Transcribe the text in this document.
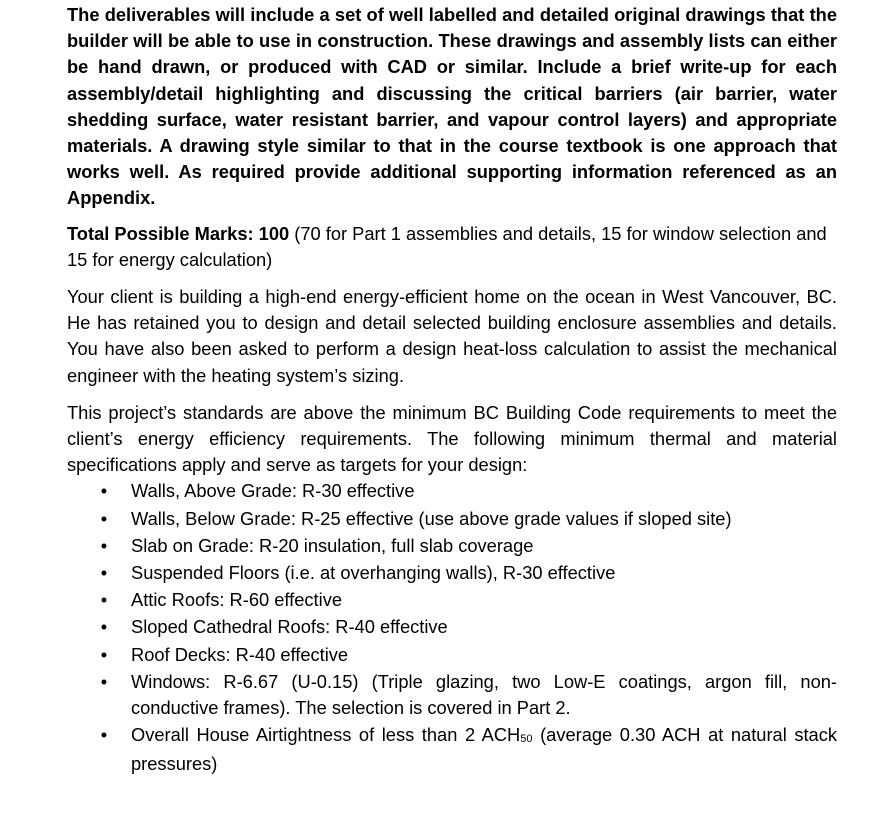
The deliverables will include a set of well labelled and detailed original drawings that the builder will be able to use in construction. These drawings and assembly lists can either be hand drawn, or produced with CAD or similar. Include a brief write-up for each assembly/detail highlighting and discussing the critical barriers (air barrier, water shedding surface, water resistant barrier, and vapour control layers) and appropriate materials. A drawing style similar to that in the course textbook is one approach that works well. As required provide additional supporting information referenced as an Appendix.

Total Possible Marks: 100 (70 for Part 1 assemblies and details, 15 for window selection and 15 for energy calculation)

Your client is building a high-end energy-efficient home on the ocean in West Vancouver, BC. He has retained you to design and detail selected building enclosure assemblies and details. You have also been asked to perform a design heat-loss calculation to assist the mechanical engineer with the heating system’s sizing.

This project’s standards are above the minimum BC Building Code requirements to meet the client’s energy efficiency requirements. The following minimum thermal and material specifications apply and serve as targets for your design:

• Walls, Above Grade: R-30 effective
• Walls, Below Grade: R-25 effective (use above grade values if sloped site)
• Slab on Grade: R-20 insulation, full slab coverage
• Suspended Floors (i.e. at overhanging walls), R-30 effective
• Attic Roofs: R-60 effective
• Sloped Cathedral Roofs: R-40 effective
• Roof Decks: R-40 effective
• Windows: R-6.67 (U-0.15) (Triple glazing, two Low-E coatings, argon fill, non-conductive frames). The selection is covered in Part 2.
• Overall House Airtightness of less than 2 $ACH_{50}$ (average 0.30 ACH at natural stack pressures)
